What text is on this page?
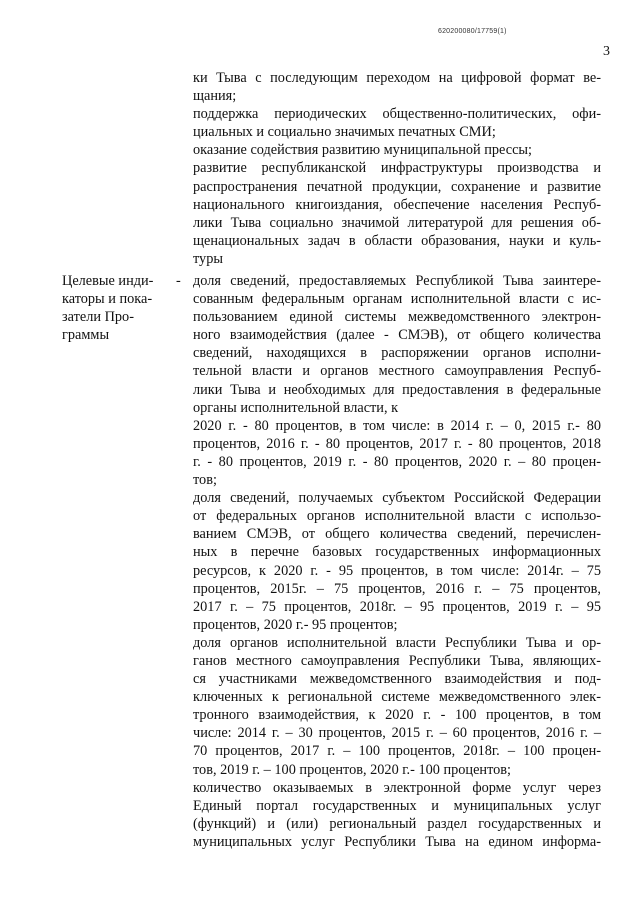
620200080/17759(1)
3

ки Тыва с последующим переходом на цифровой формат ве-
щания;
поддержка периодических общественно-политических, офи-
циальных и социально значимых печатных СМИ;
оказание содействия развитию муниципальной прессы;
развитие республиканской инфраструктуры производства и
распространения печатной продукции, сохранение и развитие
национального книгоиздания, обеспечение населения Респуб-
лики Тыва социально значимой литературой для решения об-
щенациональных задач в области образования, науки и куль-
туры

Целевые инди-
каторы и пока-
затели Про-
граммы
- доля сведений, предоставляемых Республикой Тыва заинтере-
сованным федеральным органам исполнительной власти с ис-
пользованием единой системы межведомственного электрон-
ного взаимодействия (далее - СМЭВ), от общего количества
сведений, находящихся в распоряжении органов исполни-
тельной власти и органов местного самоуправления Респуб-
лики Тыва и необходимых для предоставления в федеральные
органы исполнительной власти, к
2020 г. - 80 процентов, в том числе: в 2014 г. – 0, 2015 г.- 80
процентов, 2016 г. - 80 процентов, 2017 г. - 80 процентов, 2018
г. - 80 процентов, 2019 г. - 80 процентов, 2020 г. – 80 процен-
тов;
доля сведений, получаемых субъектом Российской Федерации
от федеральных органов исполнительной власти с использо-
ванием СМЭВ, от общего количества сведений, перечислен-
ных в перечне базовых государственных информационных
ресурсов, к 2020 г. - 95 процентов, в том числе: 2014г. – 75
процентов, 2015г. – 75 процентов, 2016 г. – 75 процентов,
2017 г. – 75 процентов, 2018г. – 95 процентов, 2019 г. – 95
процентов, 2020 г.- 95 процентов;
доля органов исполнительной власти Республики Тыва и ор-
ганов местного самоуправления Республики Тыва, являющих-
ся участниками межведомственного взаимодействия и под-
ключенных к региональной системе межведомственного элек-
тронного взаимодействия, к 2020 г. - 100 процентов, в том
числе: 2014 г. – 30 процентов, 2015 г. – 60 процентов, 2016 г. –
70 процентов, 2017 г. – 100 процентов, 2018г. – 100 процен-
тов, 2019 г. – 100 процентов, 2020 г.- 100 процентов;
количество оказываемых в электронной форме услуг через
Единый портал государственных и муниципальных услуг
(функций) и (или) региональный раздел государственных и
муниципальных услуг Республики Тыва на едином информа-
